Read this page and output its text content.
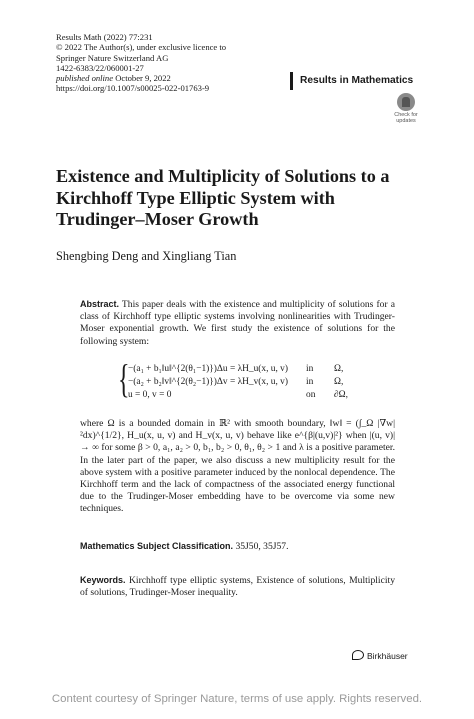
Results Math (2022) 77:231
© 2022 The Author(s), under exclusive licence to
Springer Nature Switzerland AG
1422-6383/22/060001-27
published online October 9, 2022
https://doi.org/10.1007/s00025-022-01763-9
Results in Mathematics
Check for
updates
Existence and Multiplicity of Solutions to a Kirchhoff Type Elliptic System with Trudinger–Moser Growth
Shengbing Deng and Xingliang Tian
Abstract. This paper deals with the existence and multiplicity of solutions for a class of Kirchhoff type elliptic systems involving nonlinearities with Trudinger-Moser exponential growth. We first study the existence of solutions for the following system:
{
−(a₁ + b₁‖u‖^{2(θ₁−1)})Δu = λH_u(x, u, v) in Ω,
−(a₂ + b₂‖v‖^{2(θ₂−1)})Δv = λH_v(x, u, v) in Ω,
u = 0, v = 0	on ∂Ω,
where Ω is a bounded domain in ℝ² with smooth boundary, ‖w‖ = (∫_Ω |∇w|²dx)^{1/2}, H_u(x, u, v) and H_v(x, u, v) behave like e^{β|(u,v)|²} when |(u, v)| → ∞ for some β > 0, a₁, a₂ > 0, b₁, b₂ > 0, θ₁, θ₂ > 1 and λ is a positive parameter. In the later part of the paper, we also discuss a new multiplicity result for the above system with a positive parameter induced by the nonlocal dependence. The Kirchhoff term and the lack of compactness of the associated energy functional due to the Trudinger-Moser embedding have to be overcome via some new techniques.
Mathematics Subject Classification. 35J50, 35J57.
Keywords. Kirchhoff type elliptic systems, Existence of solutions, Multiplicity of solutions, Trudinger-Moser inequality.
Birkhäuser
Content courtesy of Springer Nature, terms of use apply. Rights reserved.
